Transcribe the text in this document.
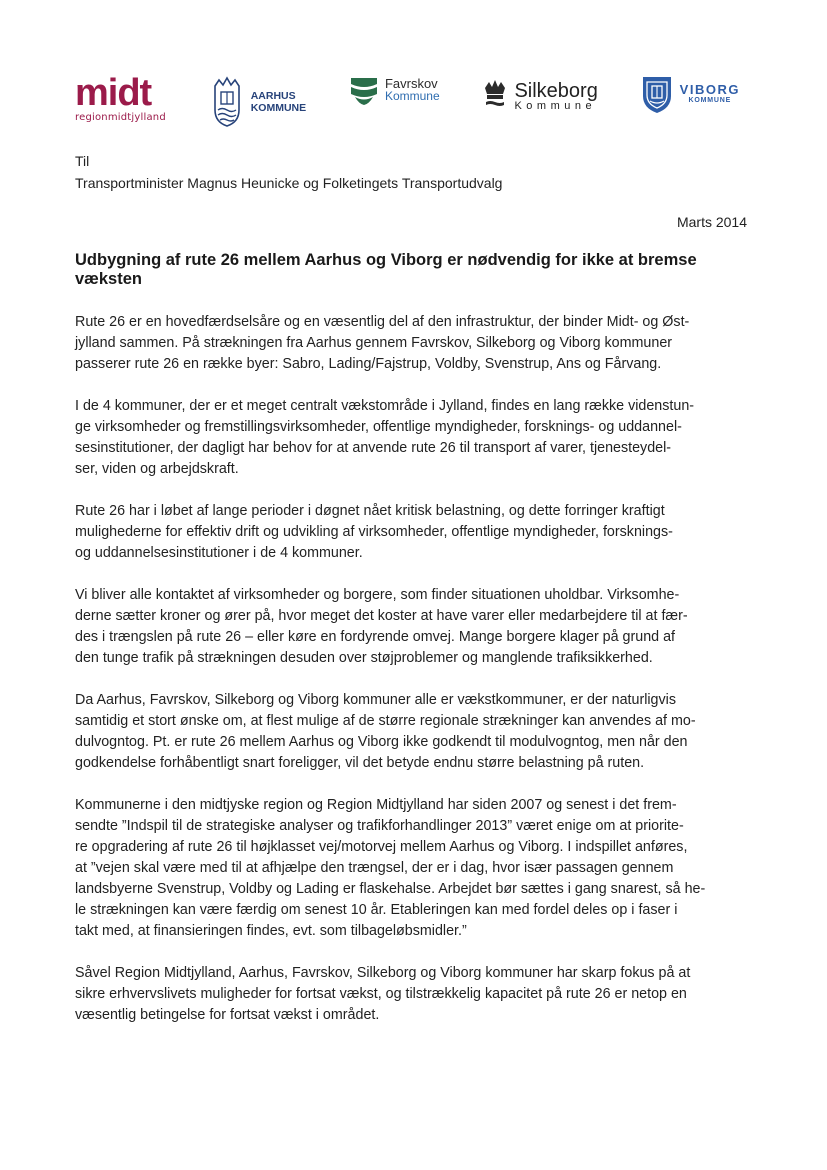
midt
regionmidtjylland
AARHUS
KOMMUNE
Favrskov
Kommune	Silkeborg
Kommune
VIBORG
KOMMUNE
Til
Transportminister Magnus Heunicke og Folketingets Transportudvalg
Marts 2014
Udbygning af rute 26 mellem Aarhus og Viborg er nødvendig for ikke at bremse
væksten
Rute 26 er en hovedfærdselsåre og en væsentlig del af den infrastruktur, der binder Midt- og Øst-
jylland sammen. På strækningen fra Aarhus gennem Favrskov, Silkeborg og Viborg kommuner
passerer rute 26 en række byer: Sabro, Lading/Fajstrup, Voldby, Svenstrup, Ans og Fårvang.
I de 4 kommuner, der er et meget centralt vækstområde i Jylland, findes en lang række videnstun-
ge virksomheder og fremstillingsvirksomheder, offentlige myndigheder, forsknings- og uddannel-
sesinstitutioner, der dagligt har behov for at anvende rute 26 til transport af varer, tjenesteydel-
ser, viden og arbejdskraft.
Rute 26 har i løbet af lange perioder i døgnet nået kritisk belastning, og dette forringer kraftigt
mulighederne for effektiv drift og udvikling af virksomheder, offentlige myndigheder, forsknings-
og uddannelsesinstitutioner i de 4 kommuner.
Vi bliver alle kontaktet af virksomheder og borgere, som finder situationen uholdbar. Virksomhe-
derne sætter kroner og ører på, hvor meget det koster at have varer eller medarbejdere til at fær-
des i trængslen på rute 26 – eller køre en fordyrende omvej. Mange borgere klager på grund af
den tunge trafik på strækningen desuden over støjproblemer og manglende trafiksikkerhed.
Da Aarhus, Favrskov, Silkeborg og Viborg kommuner alle er vækstkommuner, er der naturligvis
samtidig et stort ønske om, at flest mulige af de større regionale strækninger kan anvendes af mo-
dulvogntog. Pt. er rute 26 mellem Aarhus og Viborg ikke godkendt til modulvogntog, men når den
godkendelse forhåbentligt snart foreligger, vil det betyde endnu større belastning på ruten.
Kommunerne i den midtjyske region og Region Midtjylland har siden 2007 og senest i det frem-
sendte ”Indspil til de strategiske analyser og trafikforhandlinger 2013” været enige om at priorite-
re opgradering af rute 26 til højklasset vej/motorvej mellem Aarhus og Viborg. I indspillet anføres,
at ”vejen skal være med til at afhjælpe den trængsel, der er i dag, hvor især passagen gennem
landsbyerne Svenstrup, Voldby og Lading er flaskehalse. Arbejdet bør sættes i gang snarest, så he-
le strækningen kan være færdig om senest 10 år. Etableringen kan med fordel deles op i faser i
takt med, at finansieringen findes, evt. som tilbageløbsmidler.”
Såvel Region Midtjylland, Aarhus, Favrskov, Silkeborg og Viborg kommuner har skarp fokus på at
sikre erhvervslivets muligheder for fortsat vækst, og tilstrækkelig kapacitet på rute 26 er netop en
væsentlig betingelse for fortsat vækst i området.
